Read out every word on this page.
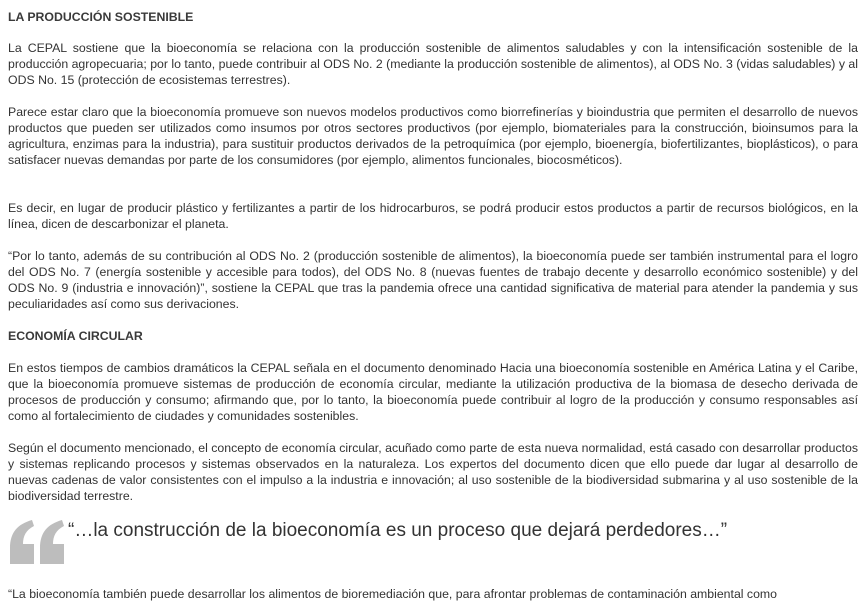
LA PRODUCCIÓN SOSTENIBLE

La CEPAL sostiene que la bioeconomía se relaciona con la producción sostenible de alimentos saludables y con la intensificación sostenible de la producción agropecuaria; por lo tanto, puede contribuir al ODS No. 2 (mediante la producción sostenible de alimentos), al ODS No. 3 (vidas saludables) y al ODS No. 15 (protección de ecosistemas terrestres).

Parece estar claro que la bioeconomía promueve son nuevos modelos productivos como biorrefinerías y bioindustria que permiten el desarrollo de nuevos productos que pueden ser utilizados como insumos por otros sectores productivos (por ejemplo, biomateriales para la construcción, bioinsumos para la agricultura, enzimas para la industria), para sustituir productos derivados de la petroquímica (por ejemplo, bioenergía, biofertilizantes, bioplásticos), o para satisfacer nuevas demandas por parte de los consumidores (por ejemplo, alimentos funcionales, biocosméticos).

Es decir, en lugar de producir plástico y fertilizantes a partir de los hidrocarburos, se podrá producir estos productos a partir de recursos biológicos, en la línea, dicen de descarbonizar el planeta.

“Por lo tanto, además de su contribución al ODS No. 2 (producción sostenible de alimentos), la bioeconomía puede ser también instrumental para el logro del ODS No. 7 (energía sostenible y accesible para todos), del ODS No. 8 (nuevas fuentes de trabajo decente y desarrollo económico sostenible) y del ODS No. 9 (industria e innovación)”, sostiene la CEPAL que tras la pandemia ofrece una cantidad significativa de material para atender la pandemia y sus peculiaridades así como sus derivaciones.

ECONOMÍA CIRCULAR

En estos tiempos de cambios dramáticos la CEPAL señala en el documento denominado Hacia una bioeconomía sostenible en América Latina y el Caribe, que la bioeconomía promueve sistemas de producción de economía circular, mediante la utilización productiva de la biomasa de desecho derivada de procesos de producción y consumo; afirmando que, por lo tanto, la bioeconomía puede contribuir al logro de la producción y consumo responsables así como al fortalecimiento de ciudades y comunidades sostenibles.

Según el documento mencionado, el concepto de economía circular, acuñado como parte de esta nueva normalidad, está casado con desarrollar productos y sistemas replicando procesos y sistemas observados en la naturaleza. Los expertos del documento dicen que ello puede dar lugar al desarrollo de nuevas cadenas de valor consistentes con el impulso a la industria e innovación; al uso sostenible de la biodiversidad submarina y al uso sostenible de la biodiversidad terrestre.

“…la construcción de la bioeconomía es un proceso que dejará perdedores…”

“La bioeconomía también puede desarrollar los alimentos de bioremediación que, para afrontar problemas de contaminación ambiental como
